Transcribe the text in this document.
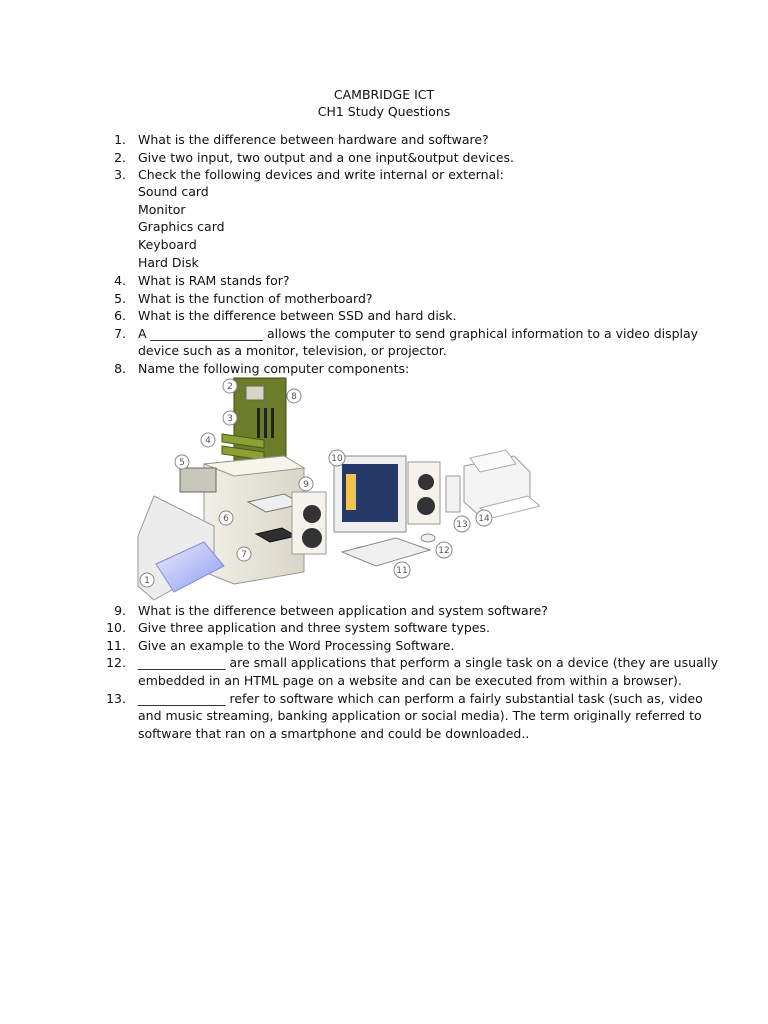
CAMBRIDGE ICT
CH1 Study Questions
1. What is the difference between hardware and software?
2. Give two input, two output and a one input&output devices.
3. Check the following devices and write internal or external:
Sound card
Monitor
Graphics card
Keyboard
Hard Disk
4. What is RAM stands for?
5. What is the function of motherboard?
6. What is the difference between SSD and hard disk.
7. A __________________ allows the computer to send graphical information to a video display
device such as a monitor, television, or projector.
8. Name the following computer components:
1
2
3
4
5
6
7
8
9
10
11
12
13
14
9. What is the difference between application and system software?
10. Give three application and three system software types.
11. Give an example to the Word Processing Software.
12. ______________ are small applications that perform a single task on a device (they are usually
embedded in an HTML page on a website and can be executed from within a browser).
13. ______________ refer to software which can perform a fairly substantial task (such as, video
and music streaming, banking application or social media). The term originally referred to
software that ran on a smartphone and could be downloaded..
